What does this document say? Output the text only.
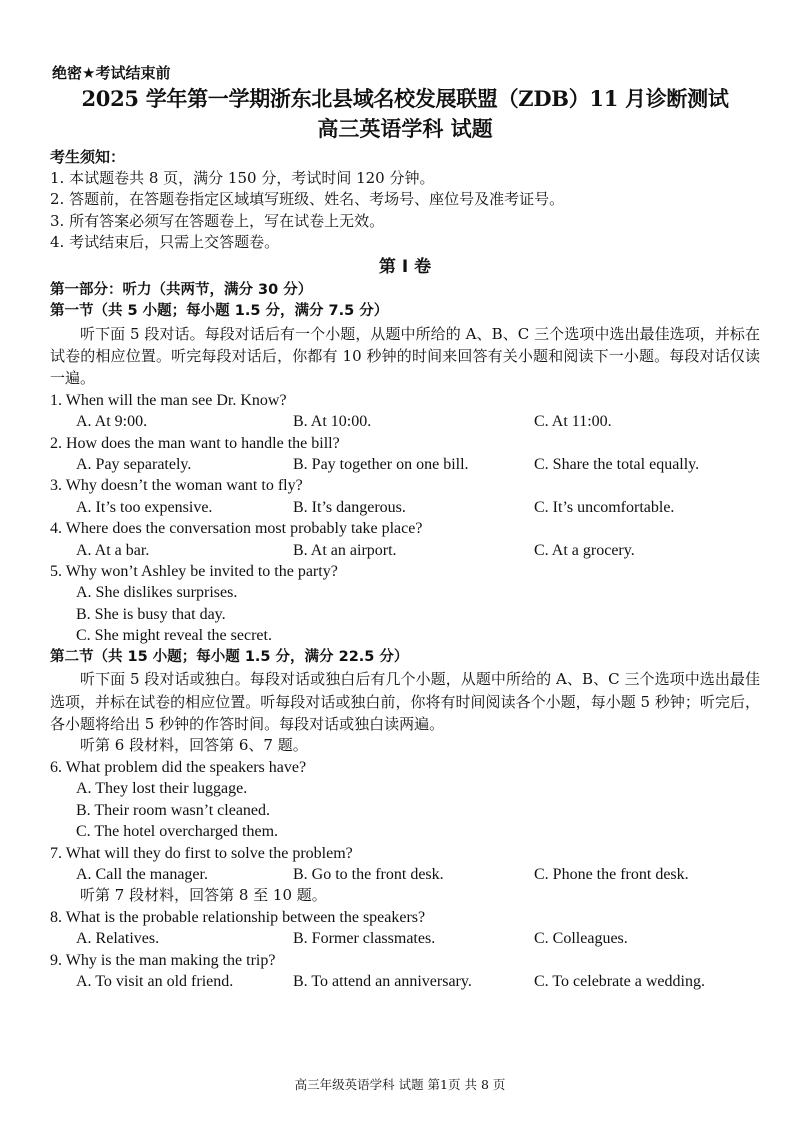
绝密★考试结束前
2025 学年第一学期浙东北县域名校发展联盟（ZDB）11 月诊断测试
高三英语学科 试题
考生须知：
1. 本试题卷共 8 页，满分 150 分，考试时间 120 分钟。
2. 答题前，在答题卷指定区域填写班级、姓名、考场号、座位号及准考证号。
3. 所有答案必须写在答题卷上，写在试卷上无效。
4. 考试结束后，只需上交答题卷。
第 I 卷
第一部分：听力（共两节，满分 30 分）
第一节（共 5 小题；每小题 1.5 分，满分 7.5 分）
听下面 5 段对话。每段对话后有一个小题，从题中所给的 A、B、C 三个选项中选出最佳选项，并标在试卷的相应位置。听完每段对话后，你都有 10 秒钟的时间来回答有关小题和阅读下一小题。每段对话仅读一遍。
1. When will the man see Dr. Know?
A. At 9:00.	B. At 10:00.	C. At 11:00.
2. How does the man want to handle the bill?
A. Pay separately.	B. Pay together on one bill.	C. Share the total equally.
3. Why doesn’t the woman want to fly?
A. It’s too expensive.	B. It’s dangerous.	C. It’s uncomfortable.
4. Where does the conversation most probably take place?
A. At a bar.	B. At an airport.	C. At a grocery.
5. Why won’t Ashley be invited to the party?
A. She dislikes surprises.
B. She is busy that day.
C. She might reveal the secret.
第二节（共 15 小题；每小题 1.5 分，满分 22.5 分）
听下面 5 段对话或独白。每段对话或独白后有几个小题，从题中所给的 A、B、C 三个选项中选出最佳选项，并标在试卷的相应位置。听每段对话或独白前，你将有时间阅读各个小题，每小题 5 秒钟；听完后，各小题将给出 5 秒钟的作答时间。每段对话或独白读两遍。
听第 6 段材料，回答第 6、7 题。
6. What problem did the speakers have?
A. They lost their luggage.
B. Their room wasn’t cleaned.
C. The hotel overcharged them.
7. What will they do first to solve the problem?
A. Call the manager.	B. Go to the front desk.	C. Phone the front desk.
听第 7 段材料，回答第 8 至 10 题。
8. What is the probable relationship between the speakers?
A. Relatives.	B. Former classmates.	C. Colleagues.
9. Why is the man making the trip?
A. To visit an old friend.	B. To attend an anniversary.	C. To celebrate a wedding.
高三年级英语学科 试题 第1页 共 8 页
